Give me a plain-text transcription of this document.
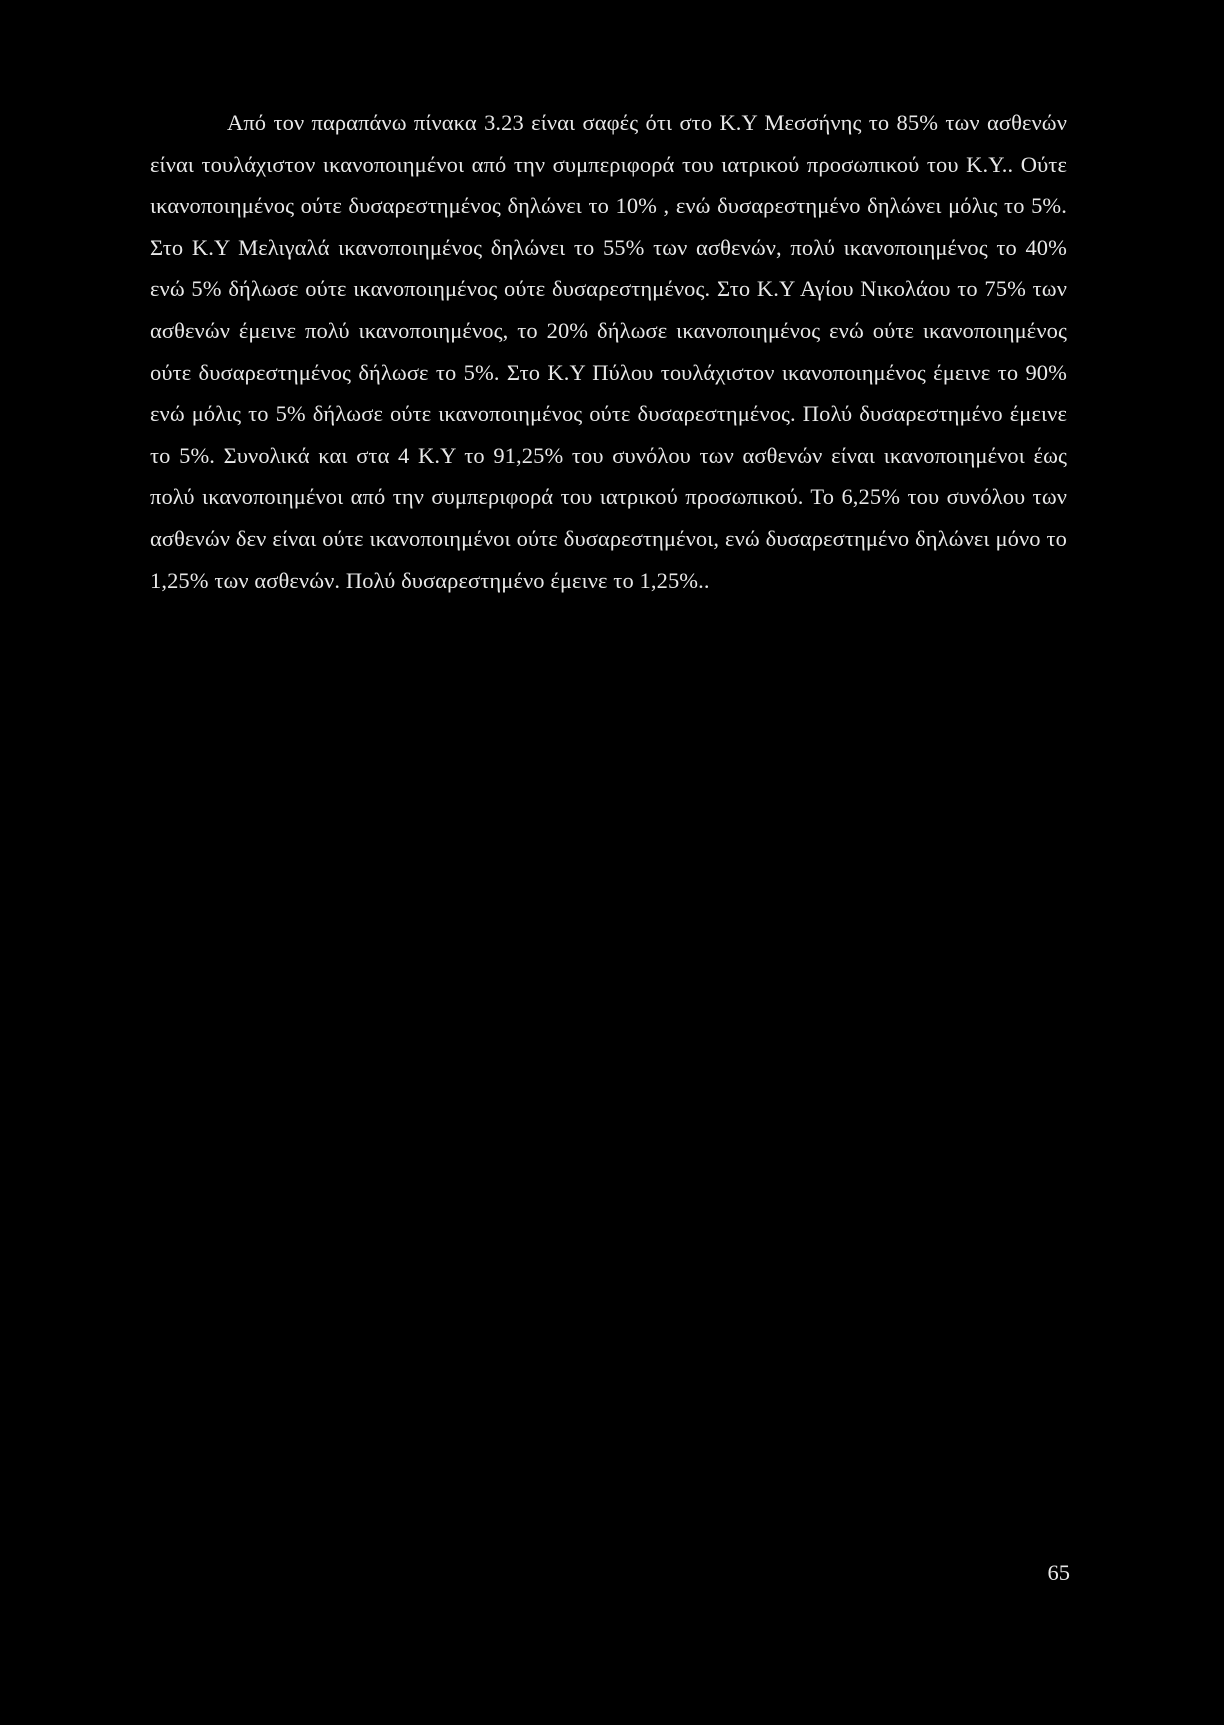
Από τον παραπάνω πίνακα 3.23 είναι σαφές ότι στο Κ.Υ Μεσσήνης το 85% των ασθενών είναι τουλάχιστον ικανοποιημένοι από την συμπεριφορά του ιατρικού προσωπικού του Κ.Υ.. Ούτε ικανοποιημένος ούτε δυσαρεστημένος δηλώνει το 10% , ενώ δυσαρεστημένο δηλώνει μόλις το 5%. Στο Κ.Υ Μελιγαλά ικανοποιημένος δηλώνει το 55% των ασθενών, πολύ ικανοποιημένος το 40% ενώ 5% δήλωσε ούτε ικανοποιημένος ούτε δυσαρεστημένος. Στο Κ.Υ Αγίου Νικολάου το 75% των ασθενών έμεινε πολύ ικανοποιημένος, το 20% δήλωσε ικανοποιημένος ενώ ούτε ικανοποιημένος ούτε δυσαρεστημένος δήλωσε το 5%. Στο Κ.Υ Πύλου τουλάχιστον ικανοποιημένος έμεινε το 90% ενώ μόλις το 5% δήλωσε ούτε ικανοποιημένος ούτε δυσαρεστημένος. Πολύ δυσαρεστημένο έμεινε το 5%. Συνολικά και στα 4 Κ.Υ το 91,25% του συνόλου των ασθενών είναι ικανοποιημένοι έως πολύ ικανοποιημένοι από την συμπεριφορά του ιατρικού προσωπικού. Το 6,25% του συνόλου των ασθενών δεν είναι ούτε ικανοποιημένοι ούτε δυσαρεστημένοι, ενώ δυσαρεστημένο δηλώνει μόνο το 1,25% των ασθενών. Πολύ δυσαρεστημένο έμεινε το 1,25%..

65
